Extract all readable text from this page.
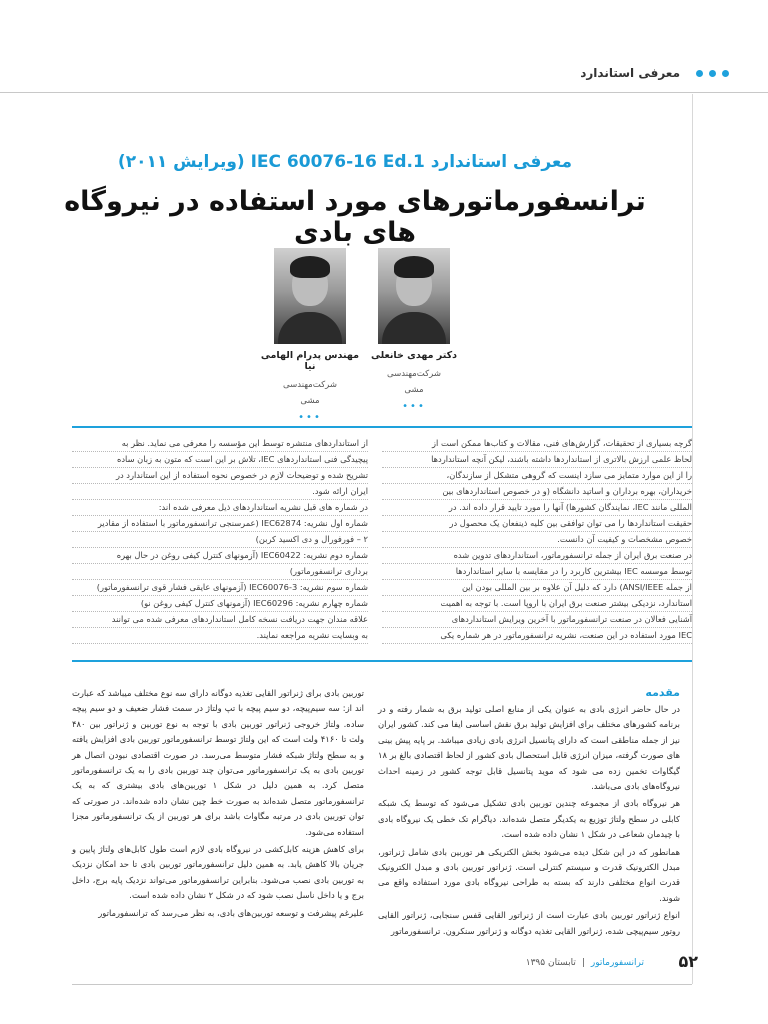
معرفی استاندارد
معرفی استاندارد IEC 60076-16 Ed.1 (ویرایش ۲۰۱۱)
ترانسفورماتورهای مورد استفاده در نیروگاه های بادی
دکتر مهدی خانعلی
شرکت‌مهندسی
مشی
•••
مهندس پدرام الهامی نیا
شرکت‌مهندسی
مشی
•••

گرچه بسیاری از تحقیقات، گزارش‌های فنی، مقالات و کتاب‌ها ممکن است از

لحاظ علمی ارزش بالاتری از استانداردها داشته باشند، لیکن آنچه استانداردها

را از این موارد متمایز می سازد اینست که گروهی متشکل از سازندگان،

خریداران، بهره برداران و اساتید دانشگاه (و در خصوص استانداردهای بین

المللی مانند IEC، نمایندگان کشورها) آنها را مورد تایید قرار داده اند. در

حقیقت استانداردها را می توان توافقی بین کلیه ذینفعان یک محصول در

خصوص مشخصات و کیفیت آن دانست.

در صنعت برق ایران از جمله ترانسفورماتور، استانداردهای تدوین شده

توسط موسسه IEC بیشترین کاربرد را در مقایسه با سایر استانداردها

از جمله ANSI/IEEE) دارد که دلیل آن علاوه بر بین المللی بودن این

استاندارد، نزدیکی بیشتر صنعت برق ایران با اروپا است. با توجه به اهمیت

آشنایی فعالان در صنعت ترانسفورماتور با آخرین ویرایش استانداردهای

IEC مورد استفاده در این صنعت، نشریه ترانسفورماتور در هر شماره یکی

از استانداردهای منتشره توسط این مؤسسه را معرفی می نماید. نظر به

پیچیدگی فنی استانداردهای IEC، تلاش بر این است که متون به زبان ساده

تشریح شده و توضیحات لازم در خصوص نحوه استفاده از این استاندارد در

ایران ارائه شود.

در شماره های قبل نشریه استانداردهای ذیل معرفی شده اند:

شماره اول نشریه: IEC62874 (عمرسنجی ترانسفورماتور با استفاده از مقادیر

۲ – فورفورال و دی اکسید کربن)

شماره دوم نشریه: IEC60422 (آزمونهای کنترل کیفی روغن در حال بهره

برداری ترانسفورماتور)

شماره سوم نشریه: IEC60076-3 (آزمونهای عایقی فشار قوی ترانسفورماتور)

شماره چهارم نشریه: IEC60296 (آزمونهای کنترل کیفی روغن نو)

علاقه مندان جهت دریافت نسخه کامل استانداردهای معرفی شده می توانند

به وبسایت نشریه مراجعه نمایند.

مقدمه

در حال حاضر انرژی بادی به عنوان یکی از منابع اصلی تولید برق به شمار رفته و در برنامه کشورهای مختلف برای افزایش تولید برق نقش اساسی ایفا می کند. کشور ایران نیز از جمله مناطقی است که دارای پتانسیل انرژی بادی زیادی میباشد. بر پایه پیش بینی های صورت گرفته، میزان انرژی قابل استحصال بادی کشور از لحاظ اقتصادی بالغ بر ۱۸ گیگاوات تخمین زده می شود که موید پتانسیل قابل توجه کشور در زمینه احداث نیروگاه‌های بادی می‌باشد.

هر نیروگاه بادی از مجموعه چندین توربین بادی تشکیل می‌شود که توسط یک شبکه کابلی در سطح ولتاژ توزیع به یکدیگر متصل شده‌اند. دیاگرام تک خطی یک نیروگاه بادی با چیدمان شعاعی در شکل ۱ نشان داده شده است.

همانطور که در این شکل دیده می‌شود بخش الکتریکی هر توربین بادی شامل ژنراتور، مبدل الکترونیک قدرت و سیستم کنترلی است. ژنراتور توربین بادی و مبدل الکترونیک قدرت انواع مختلفی دارند که بسته به طراحی نیروگاه بادی مورد استفاده واقع می شوند.

انواع ژنراتور توربین بادی عبارت است از ژنراتور القایی قفس سنجابی، ژنراتور القایی روتور سیم‌پیچی شده، ژنراتور القایی تغذیه دوگانه و ژنراتور سنکرون. ترانسفورماتور

توربین بادی برای ژنراتور القایی تغذیه دوگانه دارای سه نوع مختلف میباشد که عبارت اند از: سه سیم‌پیچه، دو سیم پیچه با تپ ولتاژ در سمت فشار ضعیف و دو سیم پیچه ساده. ولتاژ خروجی ژنراتور توربین بادی با توجه به نوع توربین و ژنراتور بین ۴۸۰ ولت تا ۴۱۶۰ ولت است که این ولتاژ توسط ترانسفورماتور توربین بادی افزایش یافته و به سطح ولتاژ شبکه فشار متوسط می‌رسد. در صورت اقتصادی نبودن اتصال هر توربین بادی به یک ترانسفورماتور می‌توان چند توربین بادی را به یک ترانسفورماتور متصل کرد. به همین دلیل در شکل ۱ توربین‌های بادی بیشتری که به یک ترانسفورماتور متصل شده‌اند به صورت خط چین نشان داده شده‌اند. در صورتی که توان توربین بادی در مرتبه مگاوات باشد برای هر توربین از یک ترانسفورماتور مجزا استفاده می‌شود.

برای کاهش هزینه کابل‌کشی در نیروگاه بادی لازم است طول کابل‌های ولتاژ پایین و جریان بالا کاهش یابد. به همین دلیل ترانسفورماتور توربین بادی تا حد امکان نزدیک به توربین بادی نصب می‌شود. بنابراین ترانسفورماتور می‌تواند نزدیک پایه برج، داخل برج و یا داخل ناسل نصب شود که در شکل ۲ نشان داده شده است.

علیرغم پیشرفت و توسعه توربین‌های بادی، به نظر می‌رسد که ترانسفورماتور

ترانسفورماتور
|
تابستان ۱۳۹۵	۵۲
